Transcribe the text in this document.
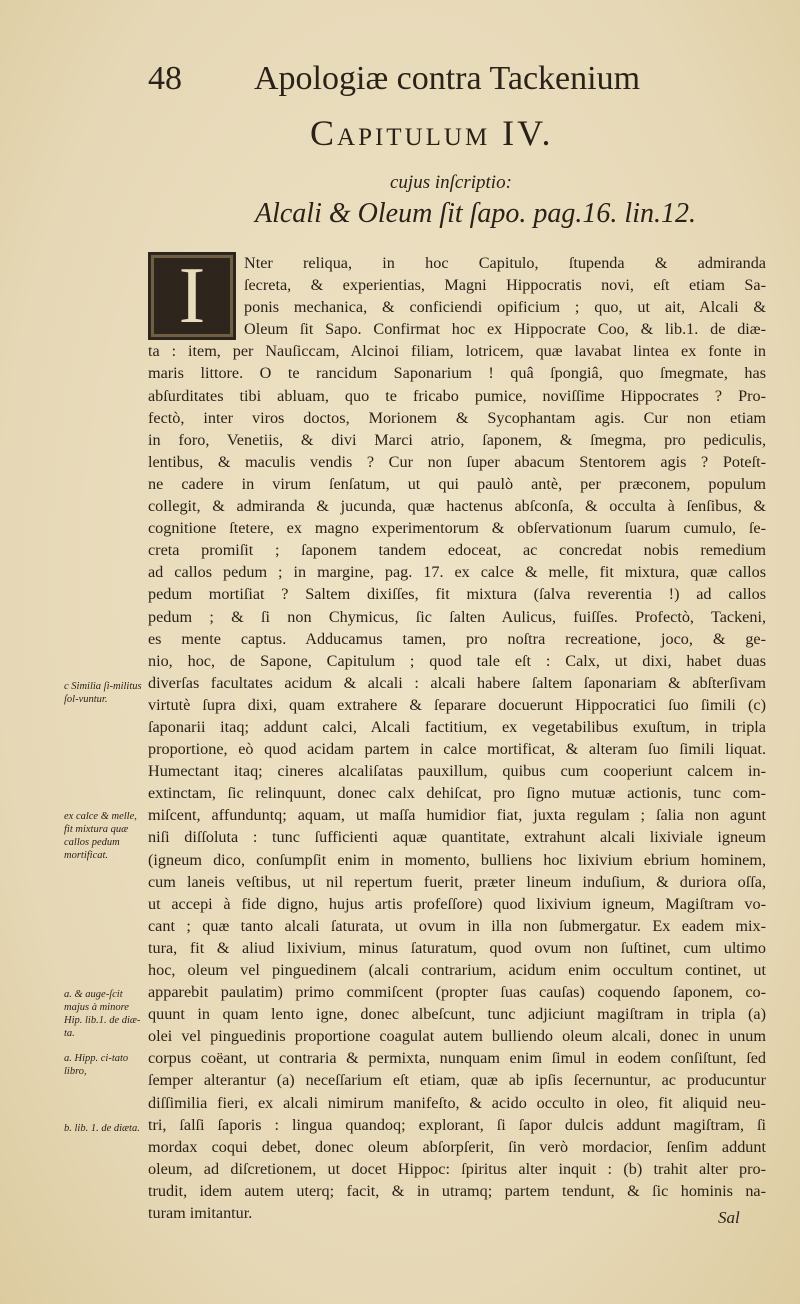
48 Apologiæ contra Tackenium
Capitulum IV.
cujus inſcriptio:
Alcali & Oleum ſit ſapo. pag.16. lin.12.
Nter reliqua, in hoc Capitulo, ſtupenda & admiranda
ſecreta, & experientias, Magni Hippocratis novi, eſt etiam Sa-
ponis mechanica, & conficiendi opificium ; quo, ut ait, Alcali &
Oleum ſit Sapo. Confirmat hoc ex Hippocrate Coo, & lib.1. de diæ-
ta : item, per Nauſiccam, Alcinoi filiam, lotricem, quæ lavabat lintea ex fonte in
maris littore. O te rancidum Saponarium ! quâ ſpongiâ, quo ſmegmate, has
abſurditates tibi abluam, quo te fricabo pumice, noviſſime Hippocrates ? Pro-
fectò, inter viros doctos, Morionem & Sycophantam agis. Cur non etiam
in foro, Venetiis, & divi Marci atrio, ſaponem, & ſmegma, pro pediculis,
lentibus, & maculis vendis ? Cur non ſuper abacum Stentorem agis ? Poteſt-
ne cadere in virum ſenſatum, ut qui paulò antè, per præconem, populum
collegit, & admiranda & jucunda, quæ hactenus abſconſa, & occulta à ſenſibus, &
cognitione ſtetere, ex magno experimentorum & obſervationum ſuarum cumulo, ſe-
creta promiſit ; ſaponem tandem edoceat, ac concredat nobis remedium
ad callos pedum ; in margine, pag. 17. ex calce & melle, fit mixtura, quæ callos
pedum mortiſiat ? Saltem dixiſſes, fit mixtura (ſalva reverentia !) ad callos
pedum ; & ſi non Chymicus, ſic ſalten Aulicus, fuiſſes. Profectò, Tackeni,
es mente captus. Adducamus tamen, pro noſtra recreatione, joco, & ge-
nio, hoc, de Sapone, Capitulum ; quod tale eſt : Calx, ut dixi, habet duas
diverſas facultates acidum & alcali : alcali habere ſaltem ſaponariam & abſterſivam
virtutè ſupra dixi, quam extrahere & ſeparare docuerunt Hippocratici ſuo ſimili (c)
ſaponarii itaq; addunt calci, Alcali factitium, ex vegetabilibus exuſtum, in tripla
proportione, eò quod acidam partem in calce mortificat, & alteram ſuo ſimili liquat.
Humectant itaq; cineres alcaliſatas pauxillum, quibus cum cooperiunt calcem in-
extinctam, ſic relinquunt, donec calx dehiſcat, pro ſigno mutuæ actionis, tunc com-
miſcent, affunduntq; aquam, ut maſſa humidior fiat, juxta regulam ; ſalia non agunt
niſi diſſoluta : tunc ſufficienti aquæ quantitate, extrahunt alcali lixiviale igneum
(igneum dico, conſumpſit enim in momento, bulliens hoc lixivium ebrium hominem,
cum laneis veſtibus, ut nil repertum fuerit, præter lineum induſium, & duriora oſſa,
ut accepi à fide digno, hujus artis profeſſore) quod lixivium igneum, Magiſtram vo-
cant ; quæ tanto alcali ſaturata, ut ovum in illa non ſubmergatur. Ex eadem mix-
tura, fit & aliud lixivium, minus ſaturatum, quod ovum non ſuſtinet, cum ultimo
hoc, oleum vel pinguedinem (alcali contrarium, acidum enim occultum continet, ut
apparebit paulatim) primo commiſcent (propter ſuas cauſas) coquendo ſaponem, co-
quunt in quam lento igne, donec albeſcunt, tunc adjiciunt magiſtram in tripla (a)
olei vel pinguedinis proportione coagulat autem bulliendo oleum alcali, donec in unum
corpus coëant, ut contraria & permixta, nunquam enim ſimul in eodem conſiſtunt, ſed
ſemper alterantur (a) neceſſarium eſt etiam, quæ ab ipſis ſecernuntur, ac producuntur
diſſimilia fieri, ex alcali nimirum manifeſto, & acido occulto in oleo, fit aliquid neu-
tri, ſalſi ſaporis : lingua quandoq; explorant, ſi ſapor dulcis addunt magiſtram, ſi
mordax coqui debet, donec oleum abſorpſerit, ſin verò mordacior, ſenſim addunt
oleum, ad diſcretionem, ut docet Hippoc: ſpiritus alter inquit : (b) trahit alter pro-
trudit, idem autem uterq; facit, & in utramq; partem tendunt, & ſic hominis na-
turam imitantur.
I
c Similia ſi-militus ſol-vuntur.
ex calce & melle, fit mixtura quæ callos pedum mortificat.
a. & auge-ſcit majus à minore Hip. lib.1. de diæ-ta.
a. Hipp. ci-tato libro,
b. lib. 1. de diæta.
Sal
